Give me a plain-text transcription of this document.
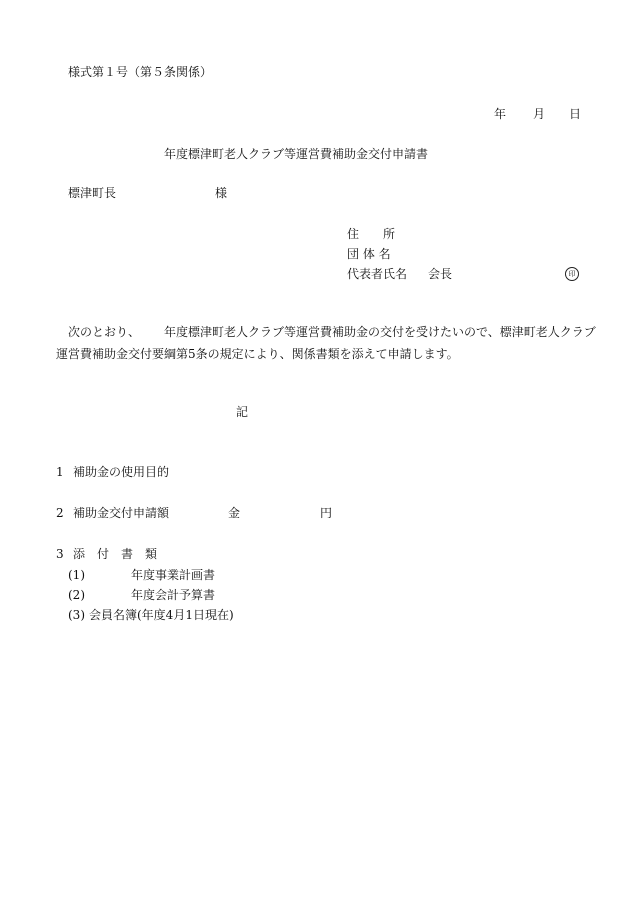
様式第１号（第５条関係）
年 月 日
年度標津町老人クラブ等運営費補助金交付申請書
標津町長	様
住　　所
団 体 名
代表者氏名 会長	印
次のとおり、 年度標津町老人クラブ等運営費補助金の交付を受けたいので、標津町老人クラブ
運営費補助金交付要綱第5条の規定により、関係書類を添えて申請します。
記
1 補助金の使用目的
2 補助金交付申請額	金	円
3 添　付　書　類
(1)	年度事業計画書
(2)	年度会計予算書
(3) 会員名簿(年度4月1日現在)
